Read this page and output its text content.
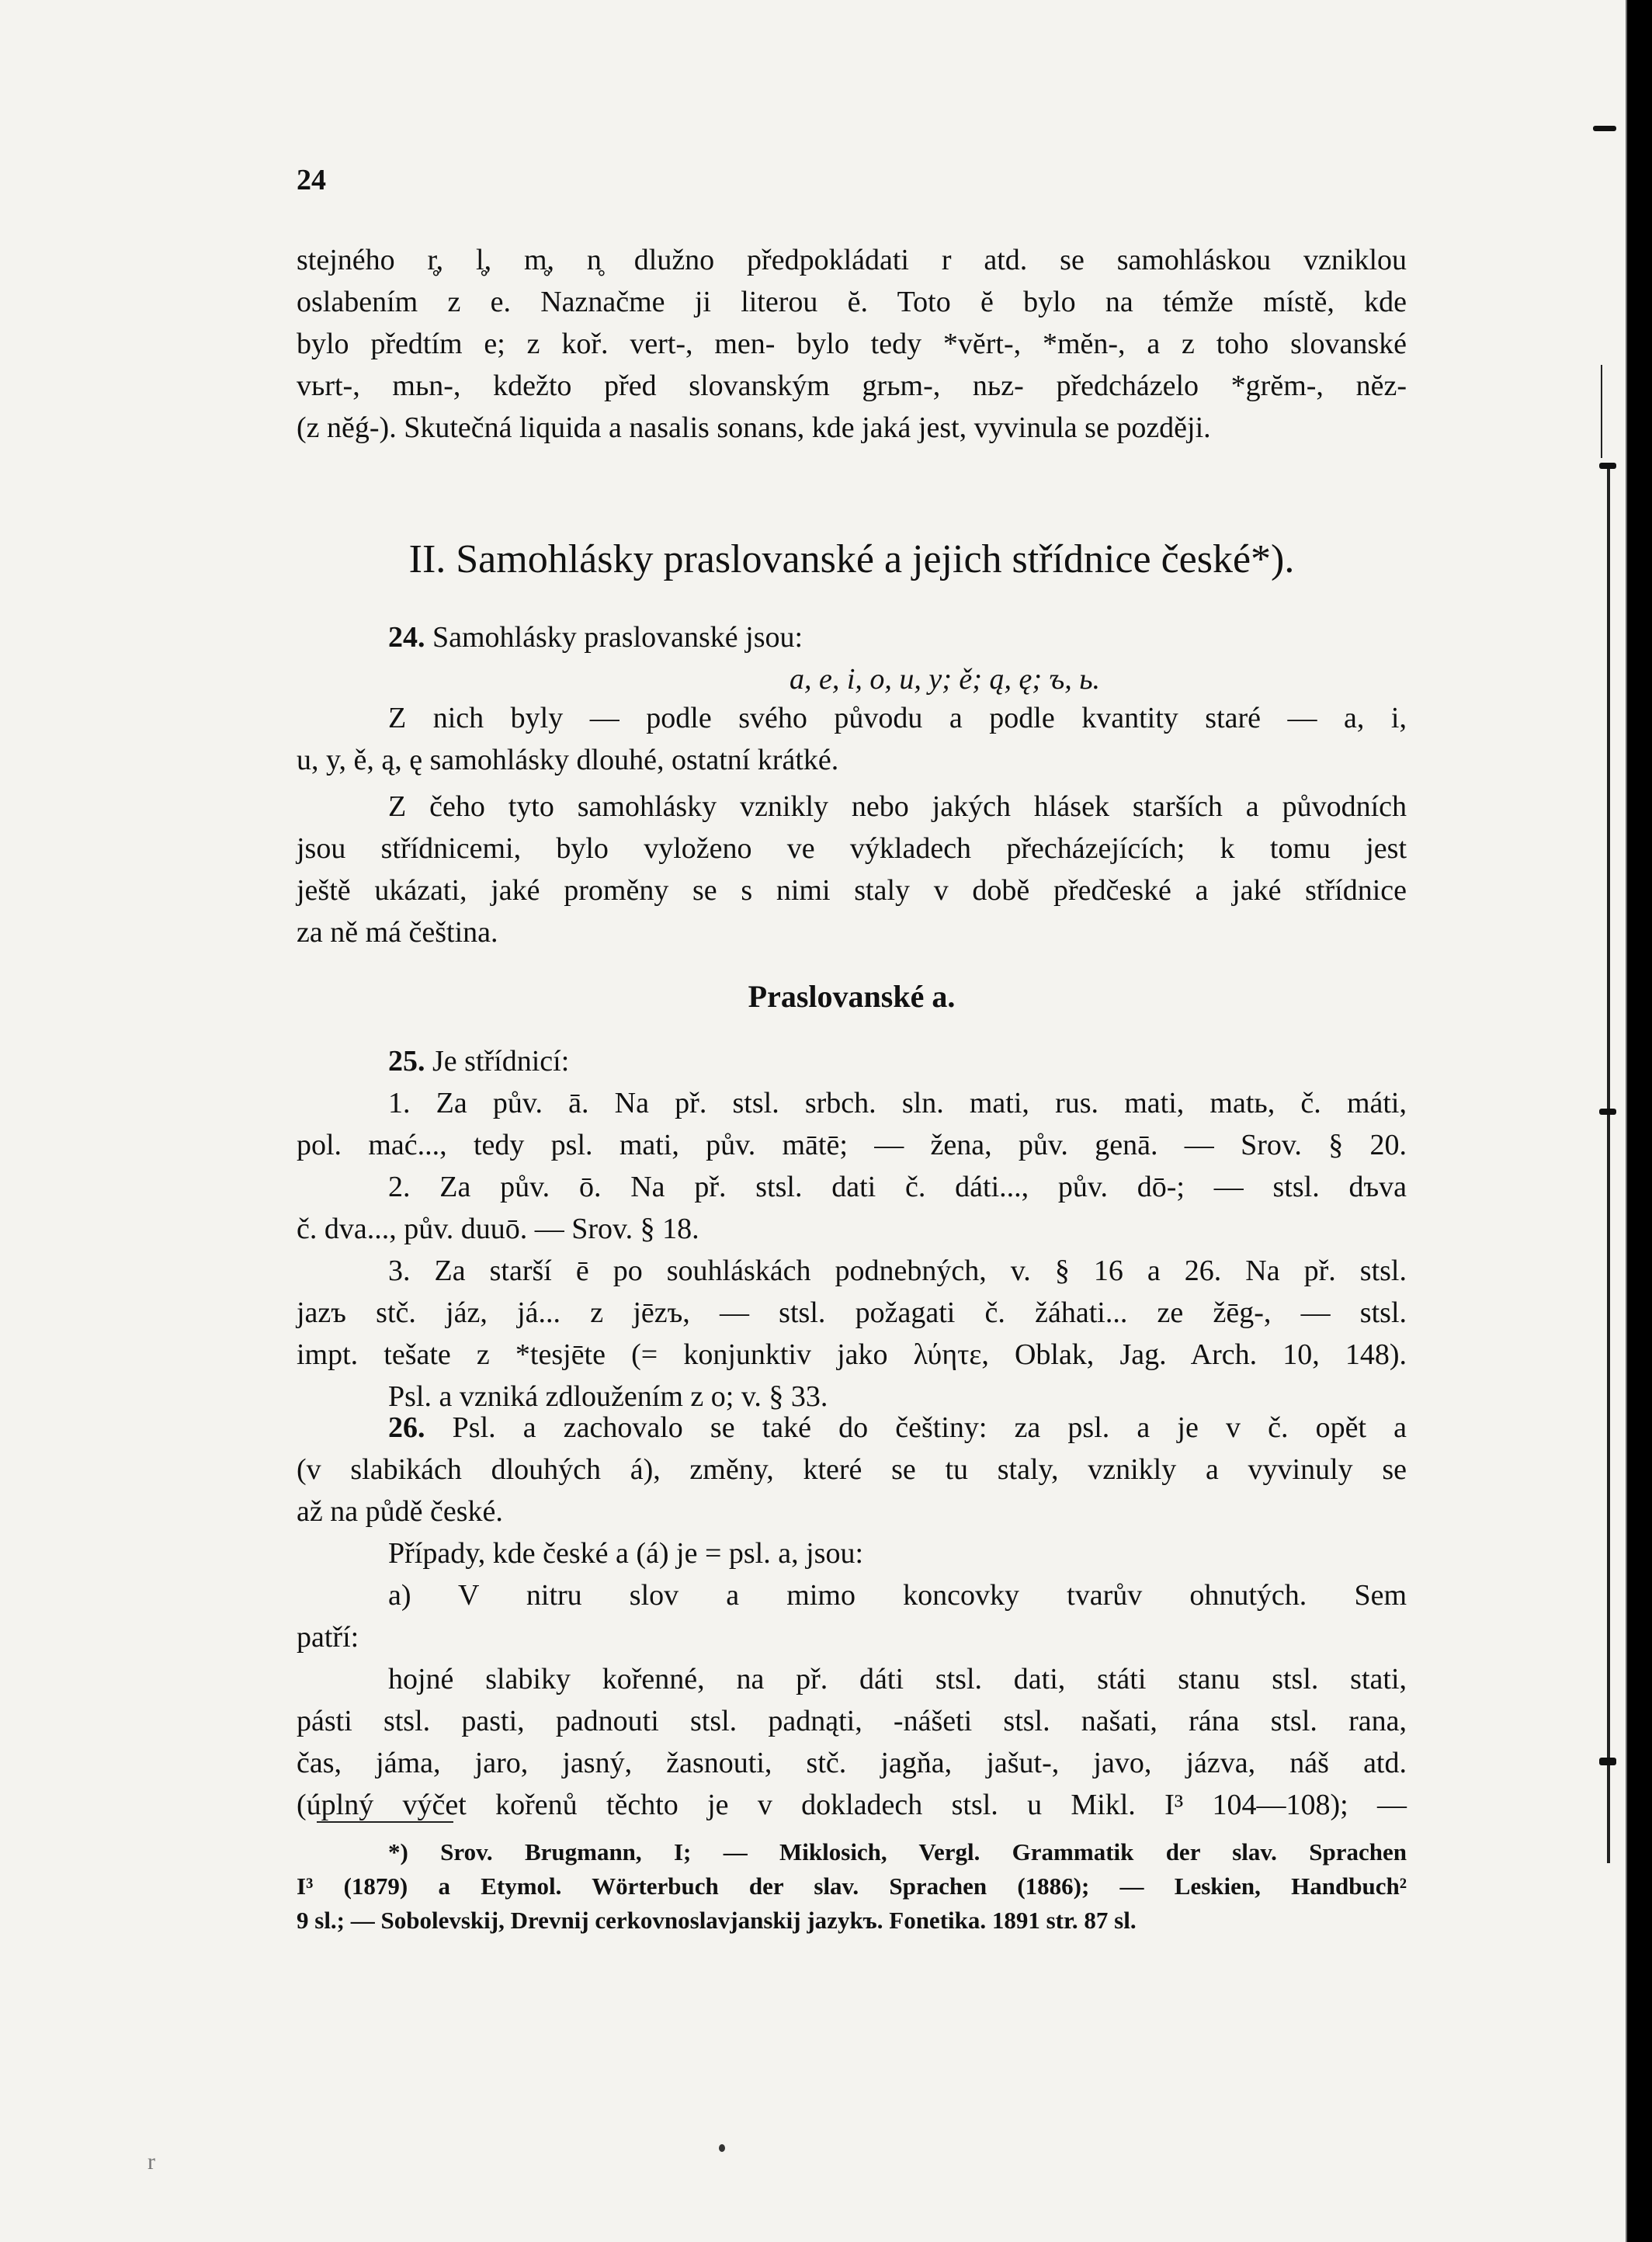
24
stejného r̥, l̥, m̥, n̥ dlužno předpokládati r atd. se samohláskou vzniklou
oslabením z e. Naznačme ji literou ĕ. Toto ĕ bylo na témže místě, kde
bylo předtím e; z koř. vert-, men- bylo tedy *vĕrt-, *mĕn-, a z toho slovanské
vьrt-, mьn-, kdežto před slovanským grьm-, nьz- předcházelo *grĕm-, nĕz-
(z nĕǵ-). Skutečná liquida a nasalis sonans, kde jaká jest, vyvinula se později.
II. Samohlásky praslovanské a jejich střídnice české*).
24. Samohlásky praslovanské jsou:
a, e, i, o, u, y; ě; ą, ę; ъ, ь.
Z nich byly — podle svého původu a podle kvantity staré — a, i,
u, y, ě, ą, ę samohlásky dlouhé, ostatní krátké.
Z čeho tyto samohlásky vznikly nebo jakých hlásek starších a původních
jsou střídnicemi, bylo vyloženo ve výkladech přecházejících; k tomu jest
ještě ukázati, jaké proměny se s nimi staly v době předčeské a jaké střídnice
za ně má čeština.
Praslovanské a.
25. Je střídnicí:
1. Za pův. ā. Na př. stsl. srbch. sln. mati, rus. mati, matь, č. máti,
pol. mać..., tedy psl. mati, pův. mātē; — žena, pův. genā. — Srov. § 20.
2. Za pův. ō. Na př. stsl. dati č. dáti..., pův. dō-; — stsl. dъva
č. dva..., pův. duuō. — Srov. § 18.
3. Za starší ē po souhláskách podnebných, v. § 16 a 26. Na př. stsl.
jazъ stč. jáz, já... z jēzъ, — stsl. požagati č. žáhati... ze žēg-, — stsl.
impt. tešate z *tesjēte (= konjunktiv jako λύητε, Oblak, Jag. Arch. 10, 148).
Psl. a vzniká zdloužením z o; v. § 33.
26. Psl. a zachovalo se také do češtiny: za psl. a je v č. opět a
(v slabikách dlouhých á), změny, které se tu staly, vznikly a vyvinuly se
až na půdě české.
Případy, kde české a (á) je = psl. a, jsou:
a) V nitru slov a mimo koncovky tvarův ohnutých. Sem
patří:
hojné slabiky kořenné, na př. dáti stsl. dati, státi stanu stsl. stati,
pásti stsl. pasti, padnouti stsl. padnąti, -nášeti stsl. našati, rána stsl. rana,
čas, jáma, jaro, jasný, žasnouti, stč. jagňa, jašut-, javo, jázva, náš atd.
(úplný výčet kořenů těchto je v dokladech stsl. u Mikl. I³ 104—108); —
*) Srov. Brugmann, I; — Miklosich, Vergl. Grammatik der slav. Sprachen
I³ (1879) a Etymol. Wörterbuch der slav. Sprachen (1886); — Leskien, Handbuch²
9 sl.; — Sobolevskij, Drevnij cerkovnoslavjanskij jazykъ. Fonetika. 1891 str. 87 sl.
r
